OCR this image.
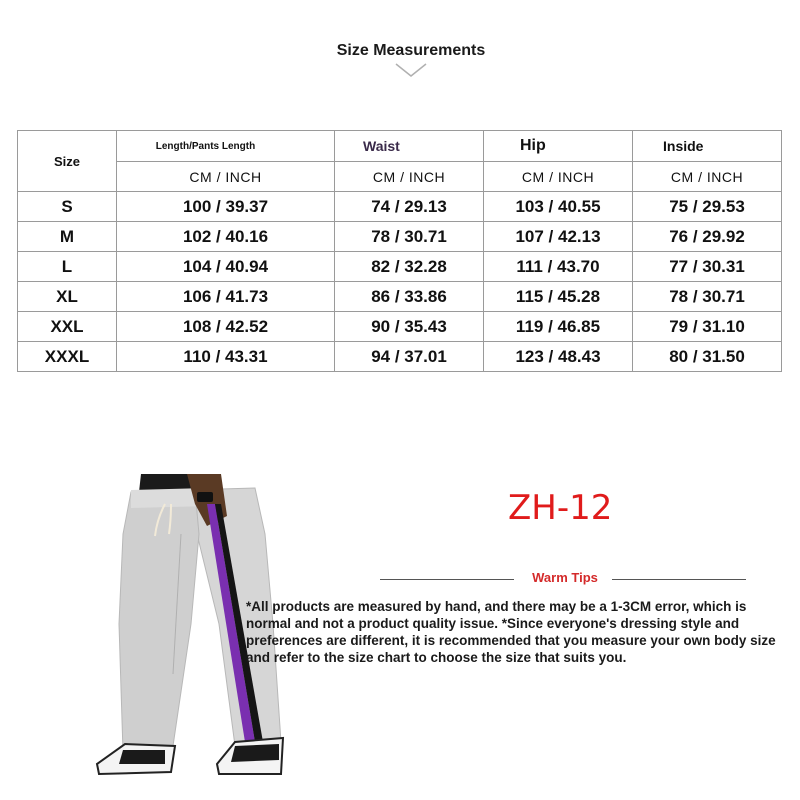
Size Measurements
Size	Length/Pants Length	Waist	Hip	Inside
	CM / INCH	CM / INCH	CM / INCH	CM / INCH
S	100 / 39.37	74 / 29.13	103 / 40.55	75 / 29.53
M	102 / 40.16	78 / 30.71	107 / 42.13	76 / 29.92
L	104 / 40.94	82 / 32.28	111 / 43.70	77 / 30.31
XL	106 / 41.73	86 / 33.86	115 / 45.28	78 / 30.71
XXL	108 / 42.52	90 / 35.43	119 / 46.85	79 / 31.10
XXXL	110 / 43.31	94 / 37.01	123 / 48.43	80 / 31.50
ZH-12
Warm Tips
*All products are measured by hand, and there may be a 1-3CM error, which is normal and not a product quality issue. *Since everyone's dressing style and preferences are different, it is recommended that you measure your own body size and refer to the size chart to choose the size that suits you.
